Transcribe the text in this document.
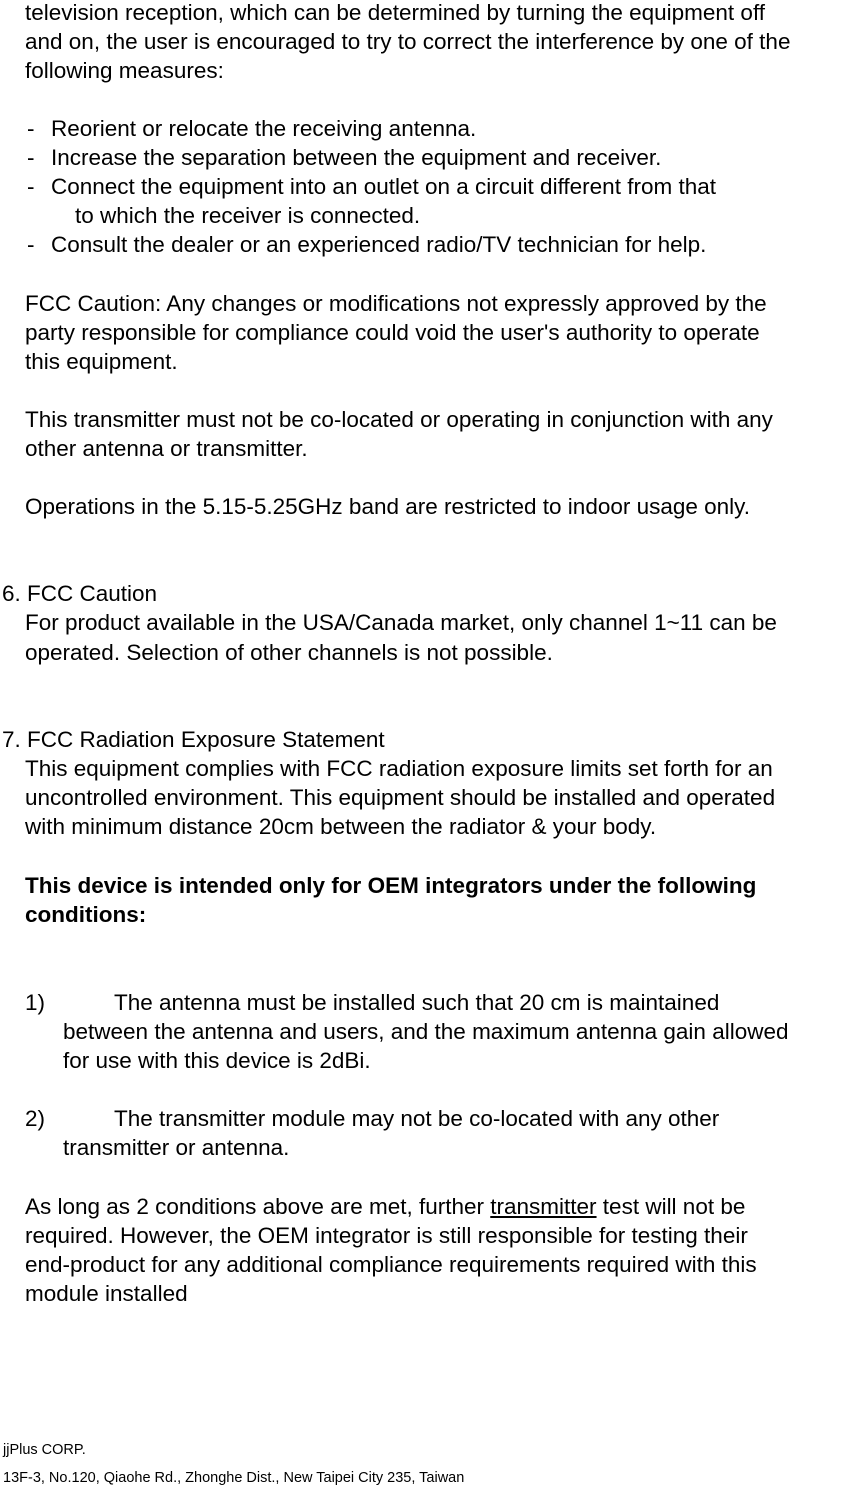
television reception, which can be determined by turning the equipment off
and on, the user is encouraged to try to correct the interference by one of the
following measures:
- Reorient or relocate the receiving antenna.
- Increase the separation between the equipment and receiver.
- Connect the equipment into an outlet on a circuit different from that
to which the receiver is connected.
- Consult the dealer or an experienced radio/TV technician for help.
FCC Caution: Any changes or modifications not expressly approved by the
party responsible for compliance could void the user's authority to operate
this equipment.
This transmitter must not be co-located or operating in conjunction with any
other antenna or transmitter.
Operations in the 5.15-5.25GHz band are restricted to indoor usage only.
6. FCC Caution
For product available in the USA/Canada market, only channel 1~11 can be
operated. Selection of other channels is not possible.
7. FCC Radiation Exposure Statement
This equipment complies with FCC radiation exposure limits set forth for an
uncontrolled environment. This equipment should be installed and operated
with minimum distance 20cm between the radiator & your body.
This device is intended only for OEM integrators under the following
conditions:
1)	The antenna must be installed such that 20 cm is maintained
between the antenna and users, and the maximum antenna gain allowed
for use with this device is 2dBi.
2)	The transmitter module may not be co-located with any other
transmitter or antenna.
As long as 2 conditions above are met, further transmitter test will not be
required. However, the OEM integrator is still responsible for testing their
end-product for any additional compliance requirements required with this
module installed
jjPlus CORP.
13F-3, No.120, Qiaohe Rd., Zhonghe Dist., New Taipei City 235, Taiwan
